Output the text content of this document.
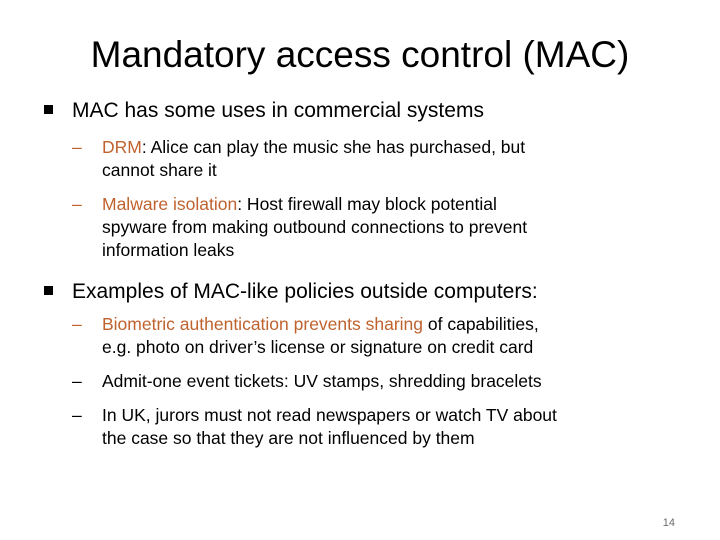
Mandatory access control (MAC)
MAC has some uses in commercial systems
–	DRM: Alice can play the music she has purchased, but
cannot share it
–	Malware isolation: Host firewall may block potential
spyware from making outbound connections to prevent
information leaks
Examples of MAC-like policies outside computers:
–	Biometric authentication prevents sharing of capabilities,
e.g. photo on driver’s license or signature on credit card
–	Admit-one event tickets: UV stamps, shredding bracelets
–	In UK, jurors must not read newspapers or watch TV about
the case so that they are not influenced by them
14
